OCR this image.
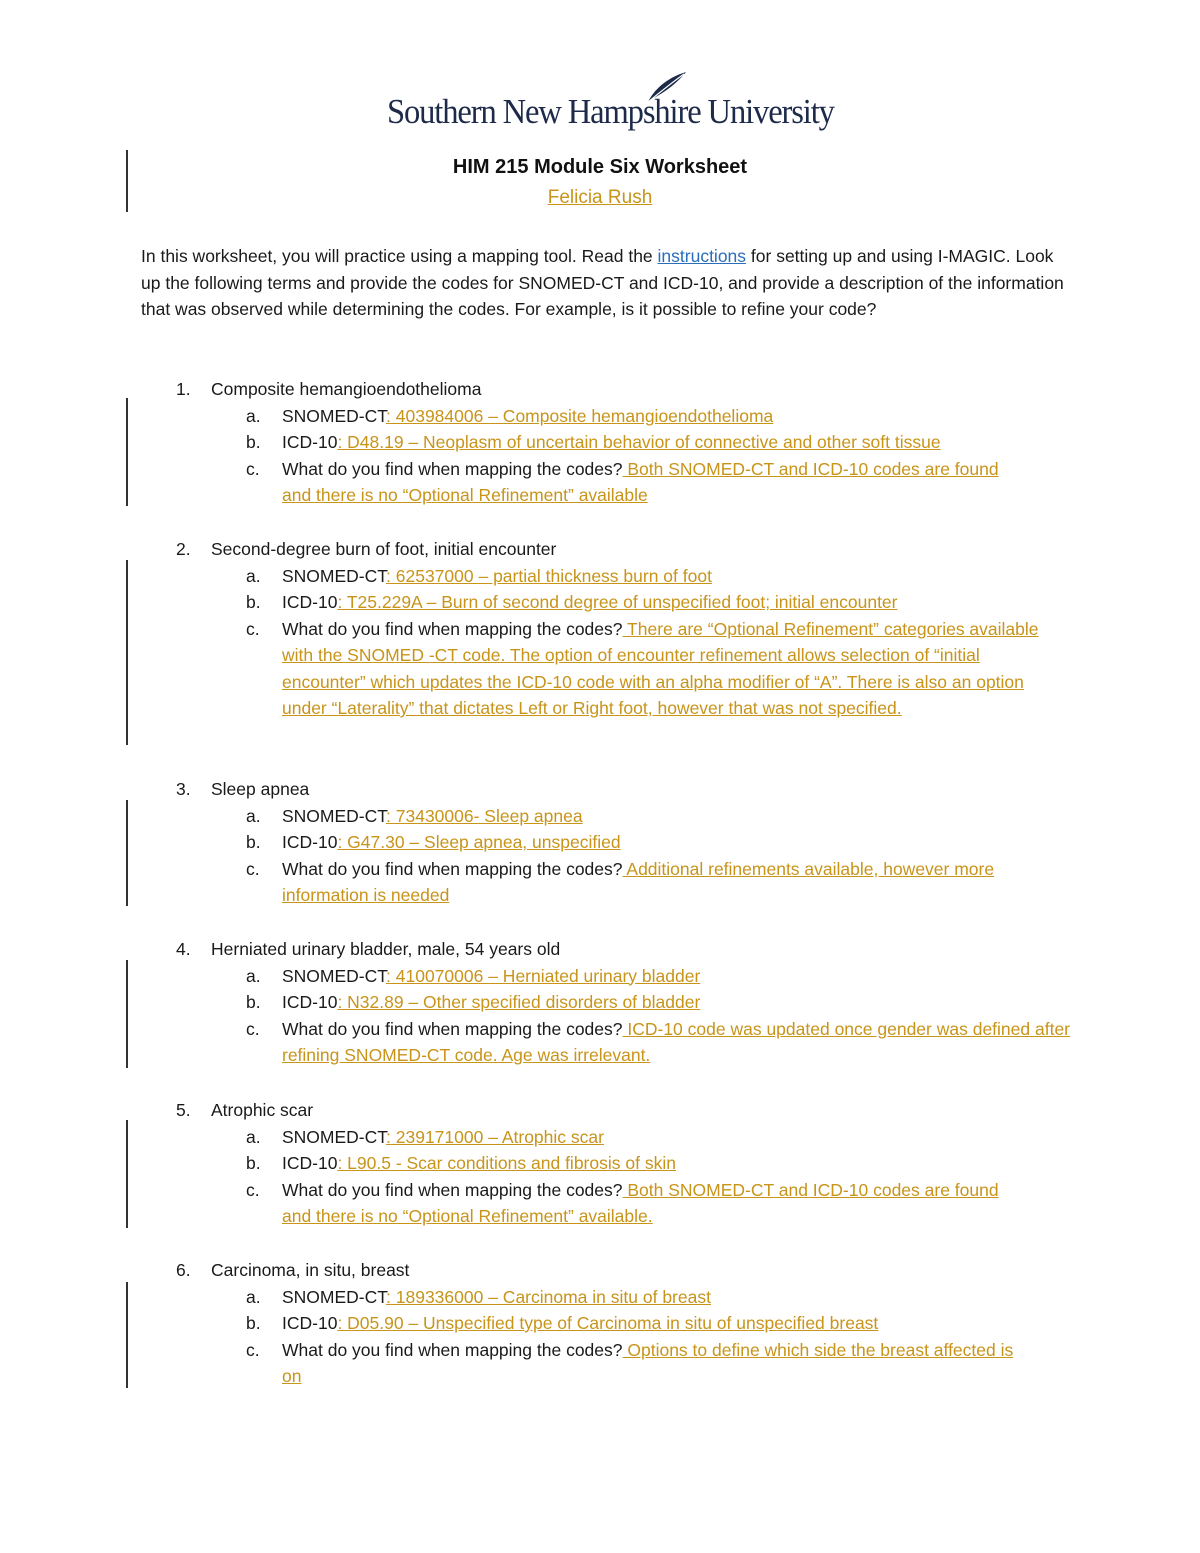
Southern New Hampshire University
HIM 215 Module Six Worksheet
Felicia Rush
In this worksheet, you will practice using a mapping tool. Read the instructions for setting up and using I-MAGIC. Look up the following terms and provide the codes for SNOMED-CT and ICD-10, and provide a description of the information that was observed while determining the codes. For example, is it possible to refine your code?
1.	Composite hemangioendothelioma
a.	SNOMED-CT: 403984006 – Composite hemangioendothelioma
b.	ICD-10: D48.19 – Neoplasm of uncertain behavior of connective and other soft tissue
c.	What do you find when mapping the codes? Both SNOMED-CT and ICD-10 codes are found and there is no “Optional Refinement” available
2.	Second-degree burn of foot, initial encounter
a.	SNOMED-CT: 62537000 – partial thickness burn of foot
b.	ICD-10: T25.229A – Burn of second degree of unspecified foot; initial encounter
c.	What do you find when mapping the codes? There are “Optional Refinement” categories available with the SNOMED -CT code. The option of encounter refinement allows selection of “initial encounter” which updates the ICD-10 code with an alpha modifier of “A”. There is also an option under “Laterality” that dictates Left or Right foot, however that was not specified.
3.	Sleep apnea
a.	SNOMED-CT: 73430006- Sleep apnea
b.	ICD-10: G47.30 – Sleep apnea, unspecified
c.	What do you find when mapping the codes? Additional refinements available, however more information is needed
4.	Herniated urinary bladder, male, 54 years old
a.	SNOMED-CT: 410070006 – Herniated urinary bladder
b.	ICD-10: N32.89 – Other specified disorders of bladder
c.	What do you find when mapping the codes? ICD-10 code was updated once gender was defined after refining SNOMED-CT code. Age was irrelevant.
5.	Atrophic scar
a.	SNOMED-CT: 239171000 – Atrophic scar
b.	ICD-10: L90.5 - Scar conditions and fibrosis of skin
c.	What do you find when mapping the codes? Both SNOMED-CT and ICD-10 codes are found and there is no “Optional Refinement” available.
6.	Carcinoma, in situ, breast
a.	SNOMED-CT: 189336000 – Carcinoma in situ of breast
b.	ICD-10: D05.90 – Unspecified type of Carcinoma in situ of unspecified breast
c.	What do you find when mapping the codes? Options to define which side the breast affected is on
